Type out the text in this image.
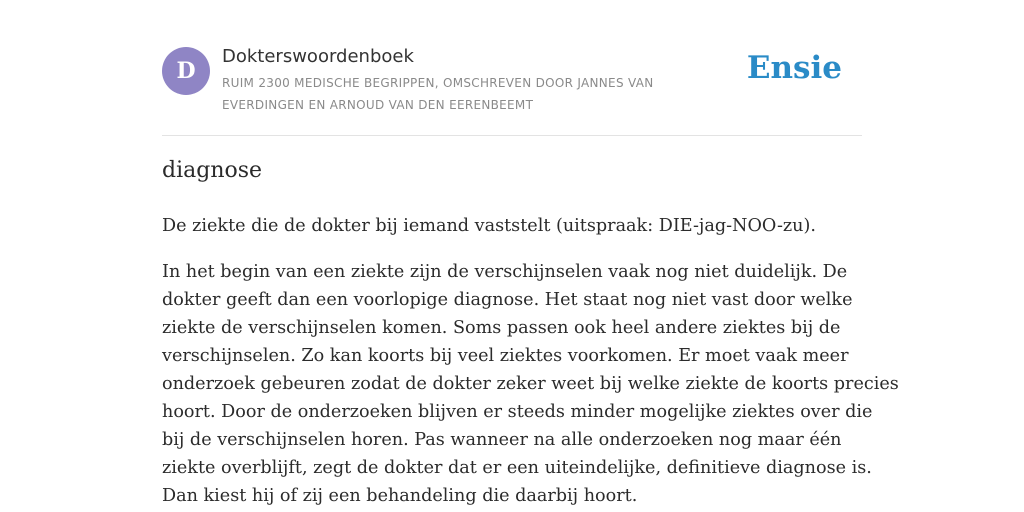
D
Dokterswoordenboek
RUIM 2300 MEDISCHE BEGRIPPEN, OMSCHREVEN DOOR JANNES VAN
EVERDINGEN EN ARNOUD VAN DEN EERENBEEMT
Ensie
diagnose

De ziekte die de dokter bij iemand vaststelt (uitspraak: DIE-jag-NOO-zu).

In het begin van een ziekte zijn de verschijnselen vaak nog niet duidelijk. De
dokter geeft dan een voorlopige diagnose. Het staat nog niet vast door welke
ziekte de verschijnselen komen. Soms passen ook heel andere ziektes bij de
verschijnselen. Zo kan koorts bij veel ziektes voorkomen. Er moet vaak meer
onderzoek gebeuren zodat de dokter zeker weet bij welke ziekte de koorts precies
hoort. Door de onderzoeken blijven er steeds minder mogelijke ziektes over die
bij de verschijnselen horen. Pas wanneer na alle onderzoeken nog maar één
ziekte overblijft, zegt de dokter dat er een uiteindelijke, definitieve diagnose is.
Dan kiest hij of zij een behandeling die daarbij hoort.
